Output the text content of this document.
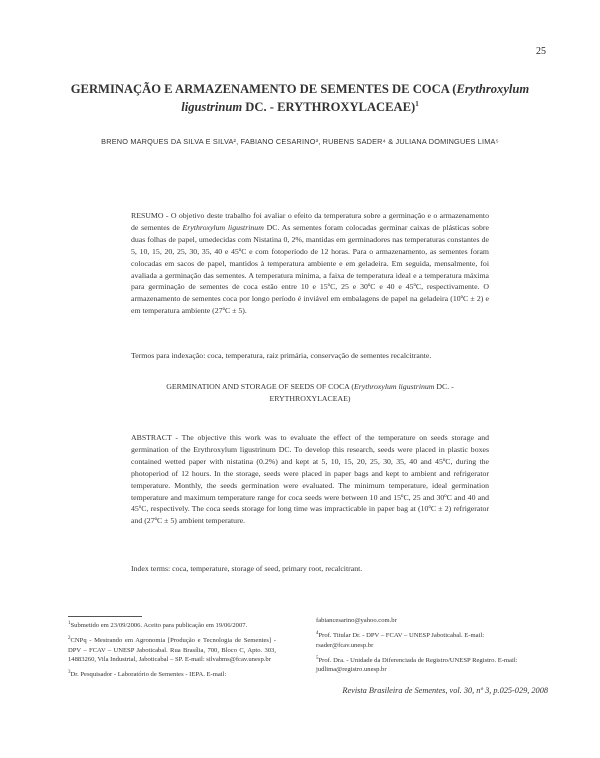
25
GERMINAÇÃO E ARMAZENAMENTO DE SEMENTES DE COCA (Erythroxylum
ligustrinum DC. - ERYTHROXYLACEAE)$^1$
BRENO MARQUES DA SILVA E SILVA², FABIANO CESARINO³, RUBENS SADER⁴ & JULIANA DOMINGUES LIMA⁵
RESUMO - O objetivo deste trabalho foi avaliar o efeito da temperatura sobre a germinação e o armazenamento de sementes de Erythroxylum ligustrinum DC. As sementes foram colocadas germinar caixas de plásticas sobre duas folhas de papel, umedecidas com Nistatina 0, 2%, mantidas em germinadores nas temperaturas constantes de 5, 10, 15, 20, 25, 30, 35, 40 e 45ºC e com fotoperíodo de 12 horas. Para o armazenamento, as sementes foram colocadas em sacos de papel, mantidos à temperatura ambiente e em geladeira. Em seguida, mensalmente, foi avaliada a germinação das sementes. A temperatura mínima, a faixa de temperatura ideal e a temperatura máxima para germinação de sementes de coca estão entre 10 e 15ºC, 25 e 30ºC e 40 e 45ºC, respectivamente. O armazenamento de sementes coca por longo período é inviável em embalagens de papel na geladeira (10ºC ± 2) e em temperatura ambiente (27ºC ± 5).
Termos para indexação: coca, temperatura, raiz primária, conservação de sementes recalcitrante.
GERMINATION AND STORAGE OF SEEDS OF COCA (Erythroxylum ligustrinum DC. - ERYTHROXYLACEAE)
ABSTRACT - The objective this work was to evaluate the effect of the temperature on seeds storage and germination of the Erythroxylum ligustrinum DC. To develop this research, seeds were placed in plastic boxes contained wetted paper with nistatina (0.2%) and kept at 5, 10, 15, 20, 25, 30, 35, 40 and 45ºC, during the photoperiod of 12 hours. In the storage, seeds were placed in paper bags and kept to ambient and refrigerator temperature. Monthly, the seeds germination were evaluated. The minimum temperature, ideal germination temperature and maximum temperature range for coca seeds were between 10 and 15ºC, 25 and 30ºC and 40 and 45ºC, respectively. The coca seeds storage for long time was impracticable in paper bag at (10ºC ± 2) refrigerator and (27ºC ± 5) ambient temperature.
Index terms: coca, temperature, storage of seed, primary root, recalcitrant.
$^1$Submetido em 23/09/2006. Aceito para publicação em 19/06/2007.
$^2$CNPq - Mestrando em Agronomia [Produção e Tecnologia de Sementes] - DPV – FCAV – UNESP Jaboticabal. Rua Brasília, 700, Bloco C, Apto. 303, 14883260, Vila Industrial, Jaboticabal – SP. E-mail: silvabms@fcav.unesp.br
$^3$Dr. Pesquisador - Laboratório de Sementes - IEPA. E-mail:
fabiancesarino@yahoo.com.br
$^4$Prof. Titular Dr. - DPV – FCAV – UNESP Jaboticabal. E-mail: rsader@fcav.unesp.br
$^5$Prof. Dra. - Unidade da Diferenciada de Registro/UNESP Registro. E-mail: judlima@registro.unesp.br
Revista Brasileira de Sementes, vol. 30, nº 3, p.025-029, 2008
